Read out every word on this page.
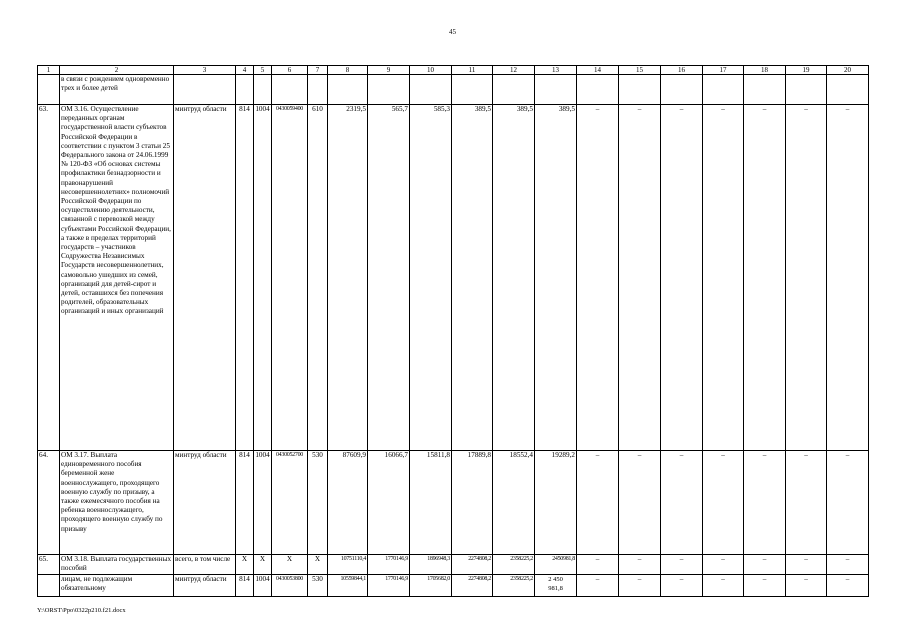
45
1	2	3	4	5	6	7	8	9	10	11	12	13	14	15	16	17	18	19	20
	в связи с рождением одновременно трех и более детей																		
63.	ОМ 3.16. Осуществление переданных органам государственной власти субъектов Российской Федерации в соответствии с пунктом 3 статьи 25 Федерального закона от 24.06.1999 № 120-ФЗ «Об основах системы профилактики безнадзорности и правонарушений несовершеннолетних» полномочий Российской Федерации по осуществлению деятельности, связанной с перевозкой между субъектами Российской Федерации, а также в пределах территорий государств – участников Содружества Независимых Государств несовершеннолетних, самовольно ушедших из семей, организаций для детей-сирот и детей, оставшихся без попечения родителей, образовательных организаций и иных организаций	минтруд области	814	1004	0430059400	610	2319,5	565,7	585,3	389,5	389,5	389,5	–	–	–	–	–	–	–
64.	ОМ 3.17. Выплата единовременного пособия беременной жене военнослужащего, проходящего военную службу по призыву, а также ежемесячного пособия на ребенка военнослужащего, проходящего военную службу по призыву	минтруд области	814	1004	0430052700	530	87609,9	16066,7	15811,8	17889,8	18552,4	19289,2	–	–	–	–	–	–	–
65.	ОМ 3.18. Выплата государственных пособий	всего, в том числе	Х	Х	Х	Х	10751110,4	1770146,9	1896948,3	2274808,2	2358225,2	2450981,8	–	–	–	–	–	–	–
	лицам, не подлежащим обязательному	минтруд области	814	1004	0430053800	530	10559844,1	1770146,9	1705682,0	2274808,2	2358225,2	2 450 981,8	–	–	–	–	–	–	–
Y:\ORST\Ppo\0322p210.f21.docx
